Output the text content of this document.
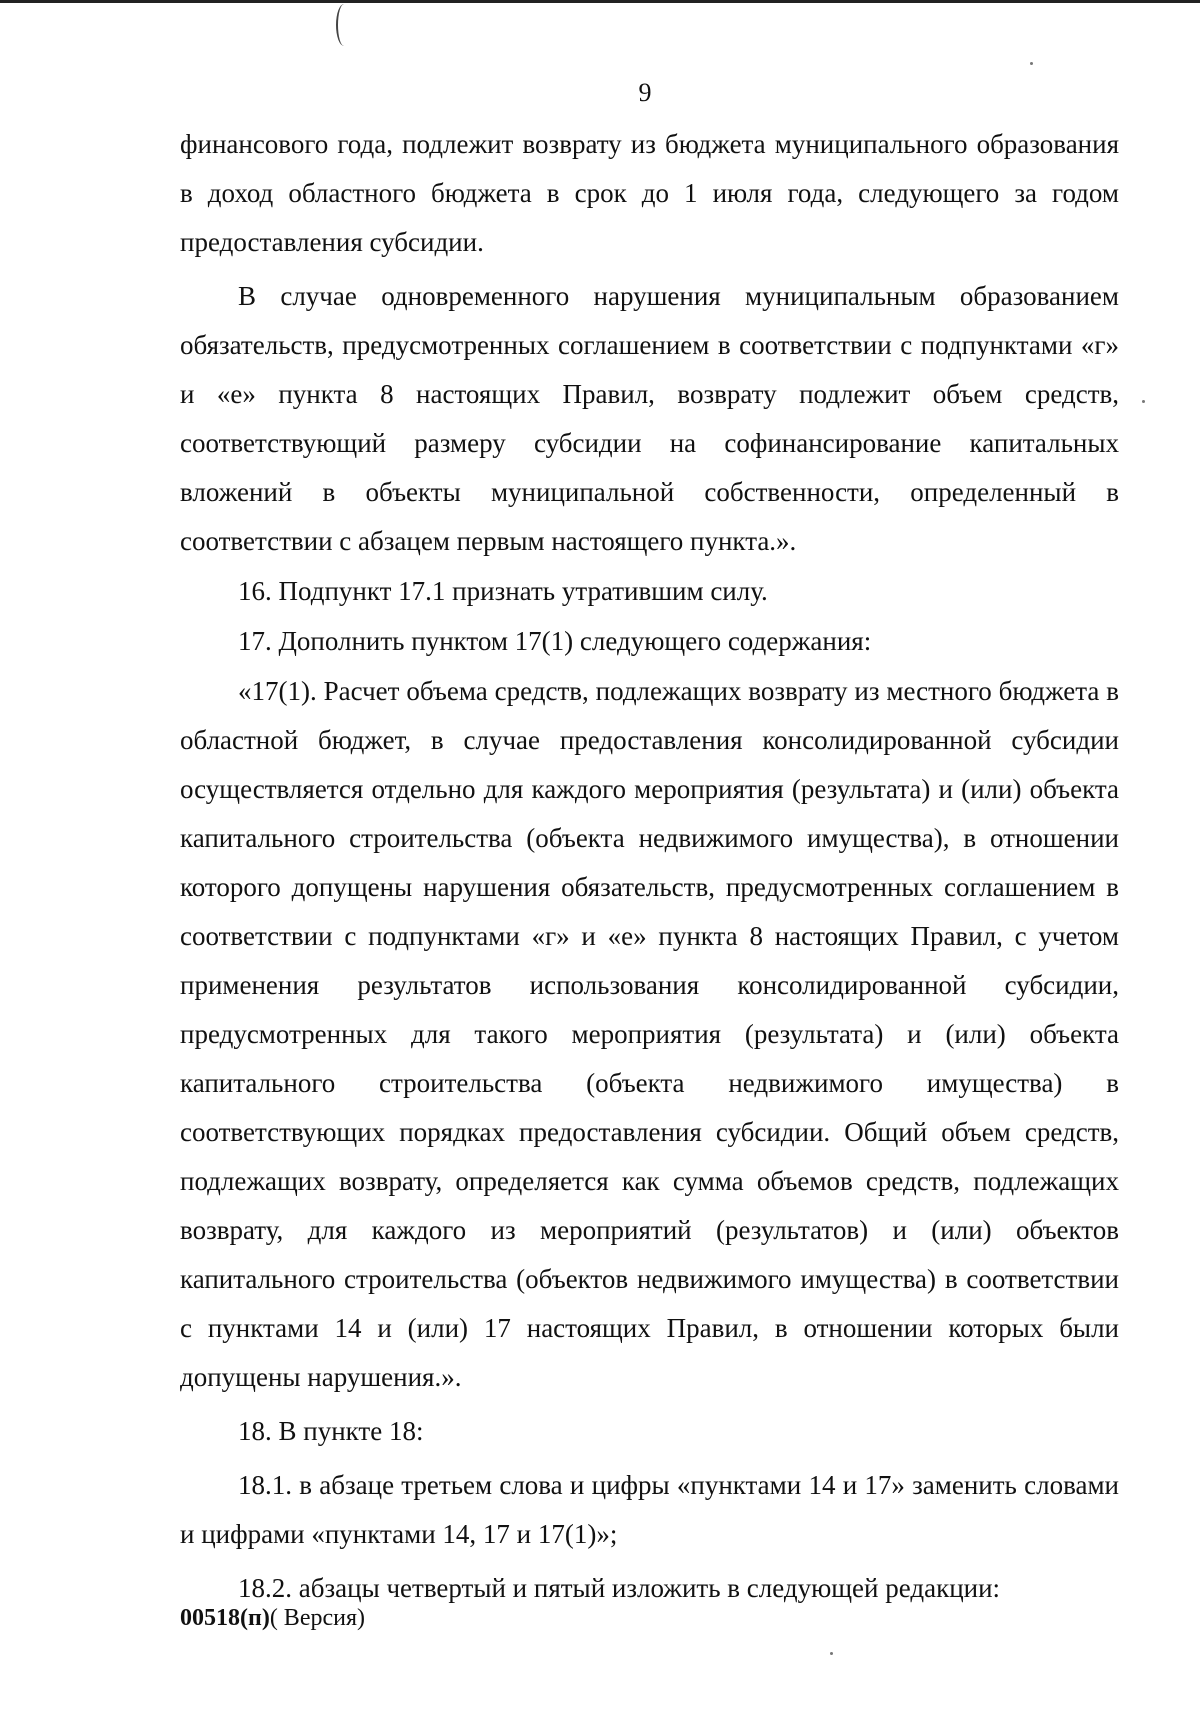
9

финансового года, подлежит возврату из бюджета муниципального образования в доход областного бюджета в срок до 1 июля года, следующего за годом предоставления субсидии.

В случае одновременного нарушения муниципальным образованием обязательств, предусмотренных соглашением в соответствии с подпунктами «г» и «е» пункта 8 настоящих Правил, возврату подлежит объем средств, соответствующий размеру субсидии на софинансирование капитальных вложений в объекты муниципальной собственности, определенный в соответствии с абзацем первым настоящего пункта.».

16. Подпункт 17.1 признать утратившим силу.

17. Дополнить пунктом 17(1) следующего содержания:

«17(1). Расчет объема средств, подлежащих возврату из местного бюджета в областной бюджет, в случае предоставления консолидированной субсидии осуществляется отдельно для каждого мероприятия (результата) и (или) объекта капитального строительства (объекта недвижимого имущества), в отношении которого допущены нарушения обязательств, предусмотренных соглашением в соответствии с подпунктами «г» и «е» пункта 8 настоящих Правил, с учетом применения результатов использования консолидированной субсидии, предусмотренных для такого мероприятия (результата) и (или) объекта капитального строительства (объекта недвижимого имущества) в соответствующих порядках предоставления субсидии. Общий объем средств, подлежащих возврату, определяется как сумма объемов средств, подлежащих возврату, для каждого из мероприятий (результатов) и (или) объектов капитального строительства (объектов недвижимого имущества) в соответствии с пунктами 14 и (или) 17 настоящих Правил, в отношении которых были допущены нарушения.».

18. В пункте 18:

18.1. в абзаце третьем слова и цифры «пунктами 14 и 17» заменить словами и цифрами «пунктами 14, 17 и 17(1)»;

18.2. абзацы четвертый и пятый изложить в следующей редакции:

00518(п)( Версия)
